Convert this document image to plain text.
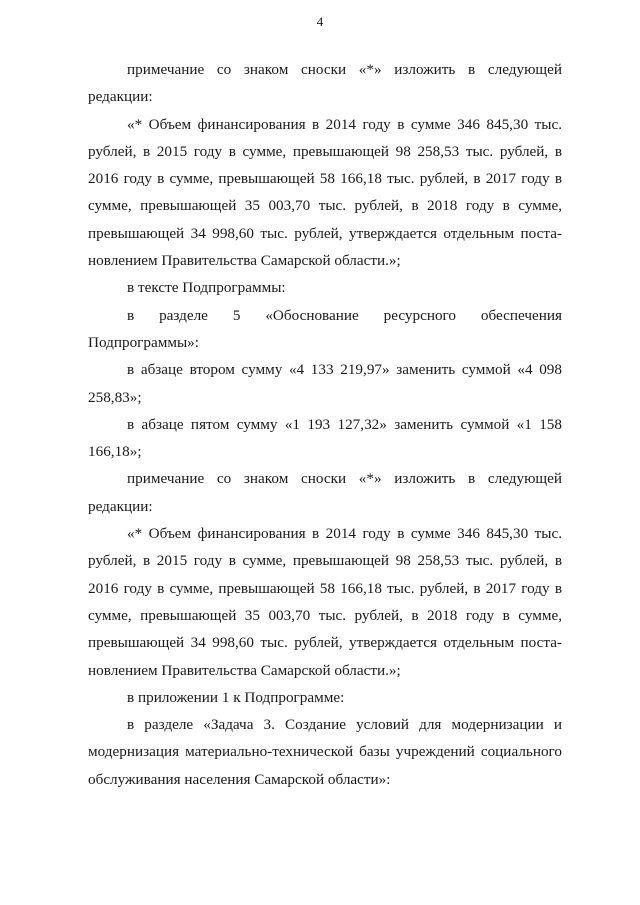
4

примечание со знаком сноски «*» изложить в следующей редакции:

«* Объем финансирования в 2014 году в сумме 346 845,30 тыс. рублей, в 2015 году в сумме, превышающей 98 258,53 тыс. рублей, в 2016 году в сумме, превышающей 58 166,18 тыс. рублей, в 2017 году в сумме, превышающей 35 003,70 тыс. рублей, в 2018 году в сумме, превышающей 34 998,60 тыс. рублей, утверждается отдельным поста-новлением Правительства Самарской области.»;

в тексте Подпрограммы:

в разделе 5 «Обоснование ресурсного обеспечения Подпрограммы»:

в абзаце втором сумму «4 133 219,97» заменить суммой «4 098 258,83»;

в абзаце пятом сумму «1 193 127,32» заменить суммой «1 158 166,18»;

примечание со знаком сноски «*» изложить в следующей редакции:

«* Объем финансирования в 2014 году в сумме 346 845,30 тыс. рублей, в 2015 году в сумме, превышающей 98 258,53 тыс. рублей, в 2016 году в сумме, превышающей 58 166,18 тыс. рублей, в 2017 году в сумме, превышающей 35 003,70 тыс. рублей, в 2018 году в сумме, превышающей 34 998,60 тыс. рублей, утверждается отдельным поста-новлением Правительства Самарской области.»;

в приложении 1 к Подпрограмме:

в разделе «Задача 3. Создание условий для модернизации и модернизация материально-технической базы учреждений социального обслуживания населения Самарской области»:
